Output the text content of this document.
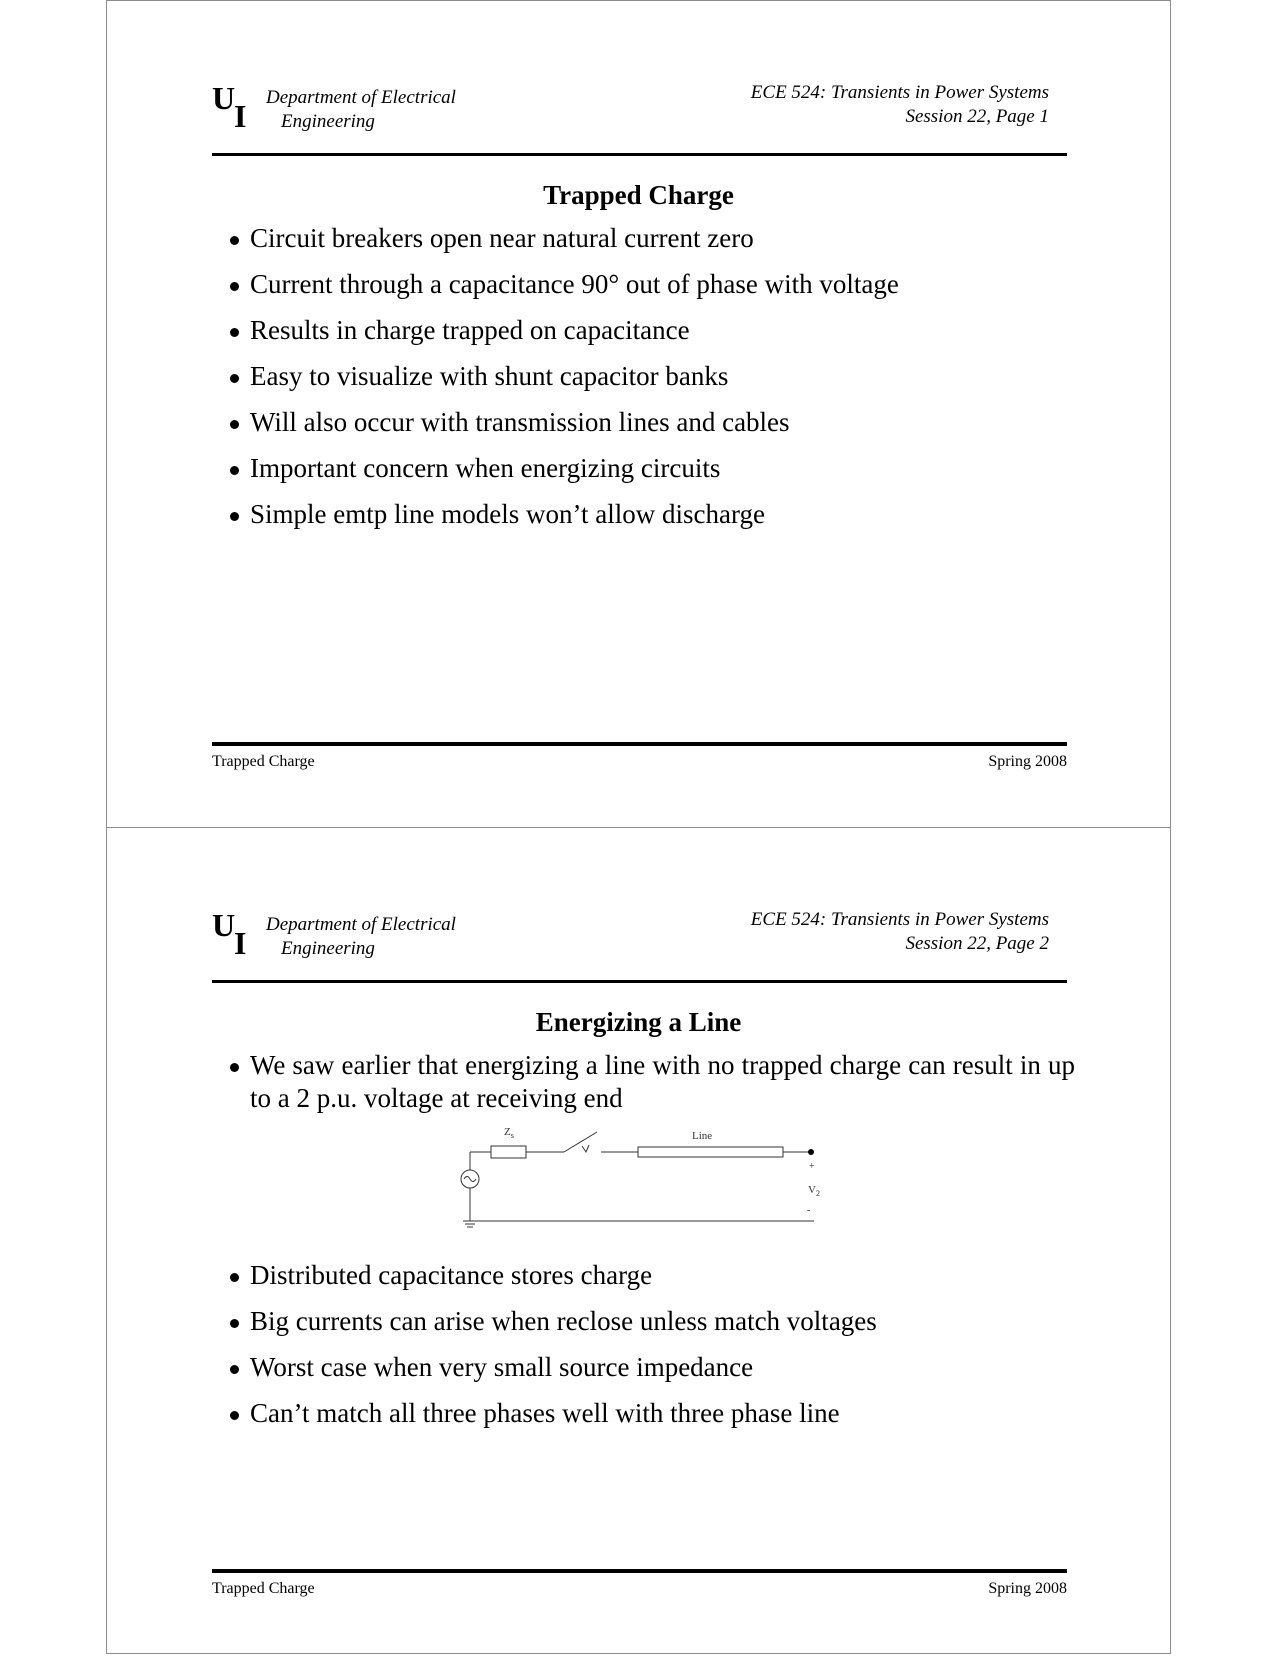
U
I
Department of Electrical
Engineering
ECE 524: Transients in Power Systems
Session 22, Page 1
Trapped Charge
Circuit breakers open near natural current zero
Current through a capacitance 90° out of phase with voltage
Results in charge trapped on capacitance
Easy to visualize with shunt capacitor banks
Will also occur with transmission lines and cables
Important concern when energizing circuits
Simple emtp line models won’t allow discharge
Trapped Charge	Spring 2008
U
I
Department of Electrical
Engineering
ECE 524: Transients in Power Systems
Session 22, Page 2
Energizing a Line
We saw earlier that energizing a line with no trapped charge can result in up to a 2 p.u. voltage at receiving end
$Z_s$	Line
+
$V_2$
-
Distributed capacitance stores charge
Big currents can arise when reclose unless match voltages
Worst case when very small source impedance
Can’t match all three phases well with three phase line
Trapped Charge	Spring 2008
